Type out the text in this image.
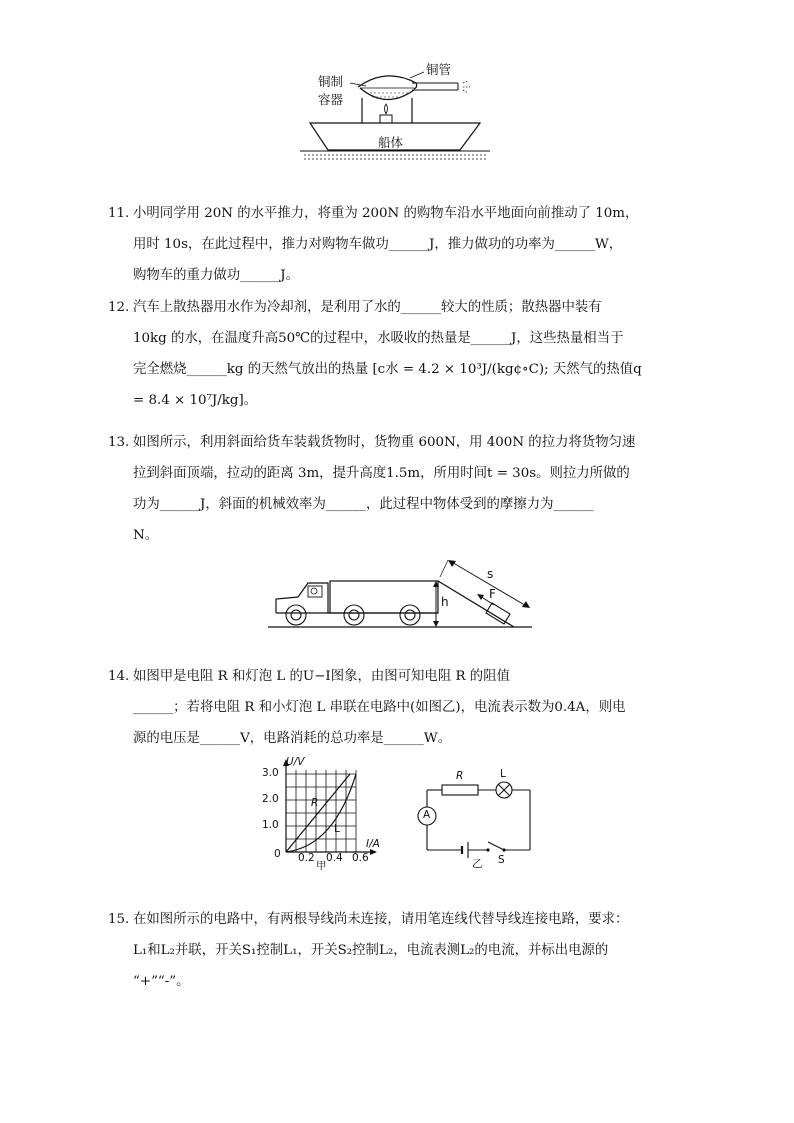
铜制
容器
铜管
船体
11. 小明同学用 20N 的水平推力，将重为 200N 的购物车沿水平地面向前推动了 10m，
用时 10s，在此过程中，推力对购物车做功______J，推力做功的功率为______W，
购物车的重力做功______J。
12. 汽车上散热器用水作为冷却剂，是利用了水的______较大的性质；散热器中装有
10kg 的水，在温度升高50℃的过程中，水吸收的热量是______J，这些热量相当于
完全燃烧______kg 的天然气放出的热量 [c水 = 4.2 × 10³J/(kg¢∘C); 天然气的热值q
= 8.4 × 10⁷J/kg]。
13. 如图所示，利用斜面给货车装载货物时，货物重 600N，用 400N 的拉力将货物匀速
拉到斜面顶端，拉动的距离 3m，提升高度1.5m，所用时间t = 30s。则拉力所做的
功为______J，斜面的机械效率为______，此过程中物体受到的摩擦力为______
N。
s
F
h
14. 如图甲是电阻 R 和灯泡 L 的U−I图象，由图可知电阻 R 的阻值
______；若将电阻 R 和小灯泡 L 串联在电路中(如图乙)，电流表示数为0.4A，则电
源的电压是______V，电路消耗的总功率是______W。
U/V
I/A
3.0
2.0
1.0
0 0.2 0.4 0.6
R
L
甲
R	L
A
S
乙
15. 在如图所示的电路中，有两根导线尚未连接，请用笔连线代替导线连接电路，要求：
L₁和L₂并联，开关S₁控制L₁，开关S₂控制L₂，电流表测L₂的电流，并标出电源的
“+”“-”。
